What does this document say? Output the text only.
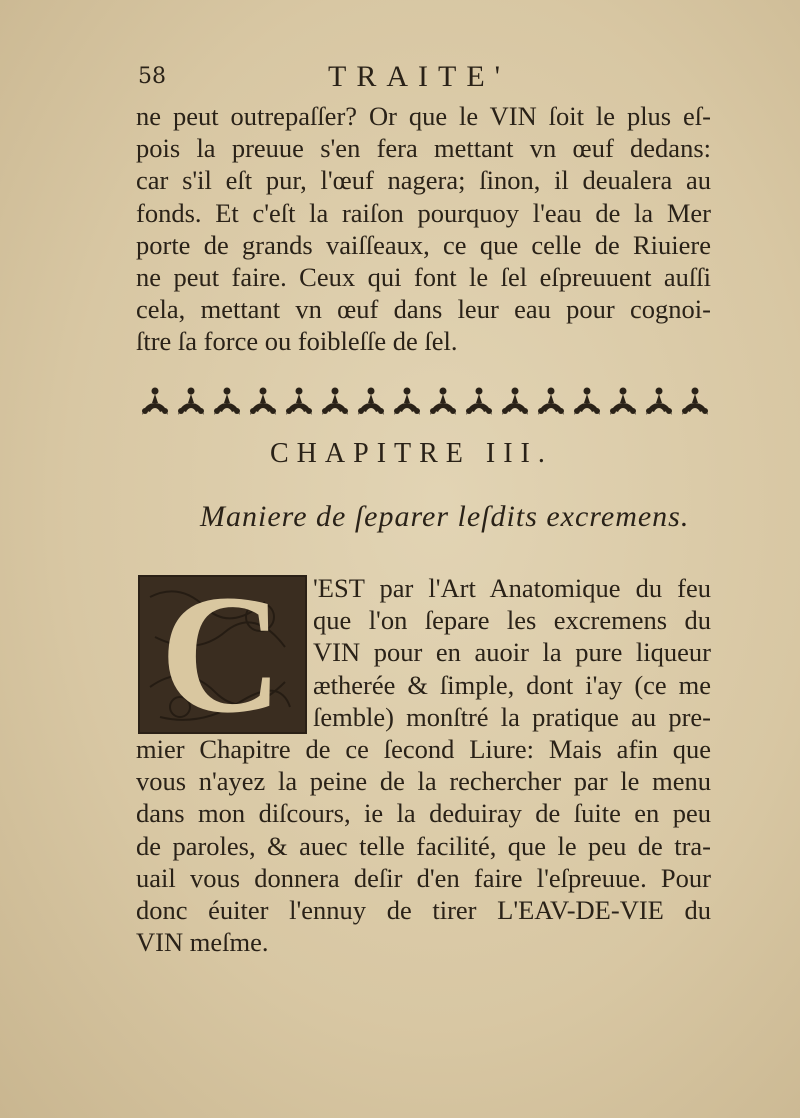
58	TRAITE'
ne peut outrepaſſer? Or que le VIN ſoit le plus eſ-
pois la preuue s'en fera mettant vn œuf dedans:
car s'il eſt pur, l'œuf nagera; ſinon, il deualera au
fonds. Et c'eſt la raiſon pourquoy l'eau de la Mer
porte de grands vaiſſeaux, ce que celle de Riuiere
ne peut faire. Ceux qui font le ſel eſpreuuent auſſi
cela, mettant vn œuf dans leur eau pour cognoi-
ſtre ſa force ou foibleſſe de ſel.
CHAPITRE III.
Maniere de ſeparer leſdits excremens.
C 'EST par l'Art Anatomique du feu
que l'on ſepare les excremens du
VIN pour en auoir la pure liqueur
ætherée & ſimple, dont i'ay (ce me
ſemble) monſtré la pratique au pre-
mier Chapitre de ce ſecond Liure: Mais afin que
vous n'ayez la peine de la rechercher par le menu
dans mon diſcours, ie la deduiray de ſuite en peu
de paroles, & auec telle facilité, que le peu de tra-
uail vous donnera deſir d'en faire l'eſpreuue. Pour
donc éuiter l'ennuy de tirer L'EAV-DE-VIE du
VIN meſme.
